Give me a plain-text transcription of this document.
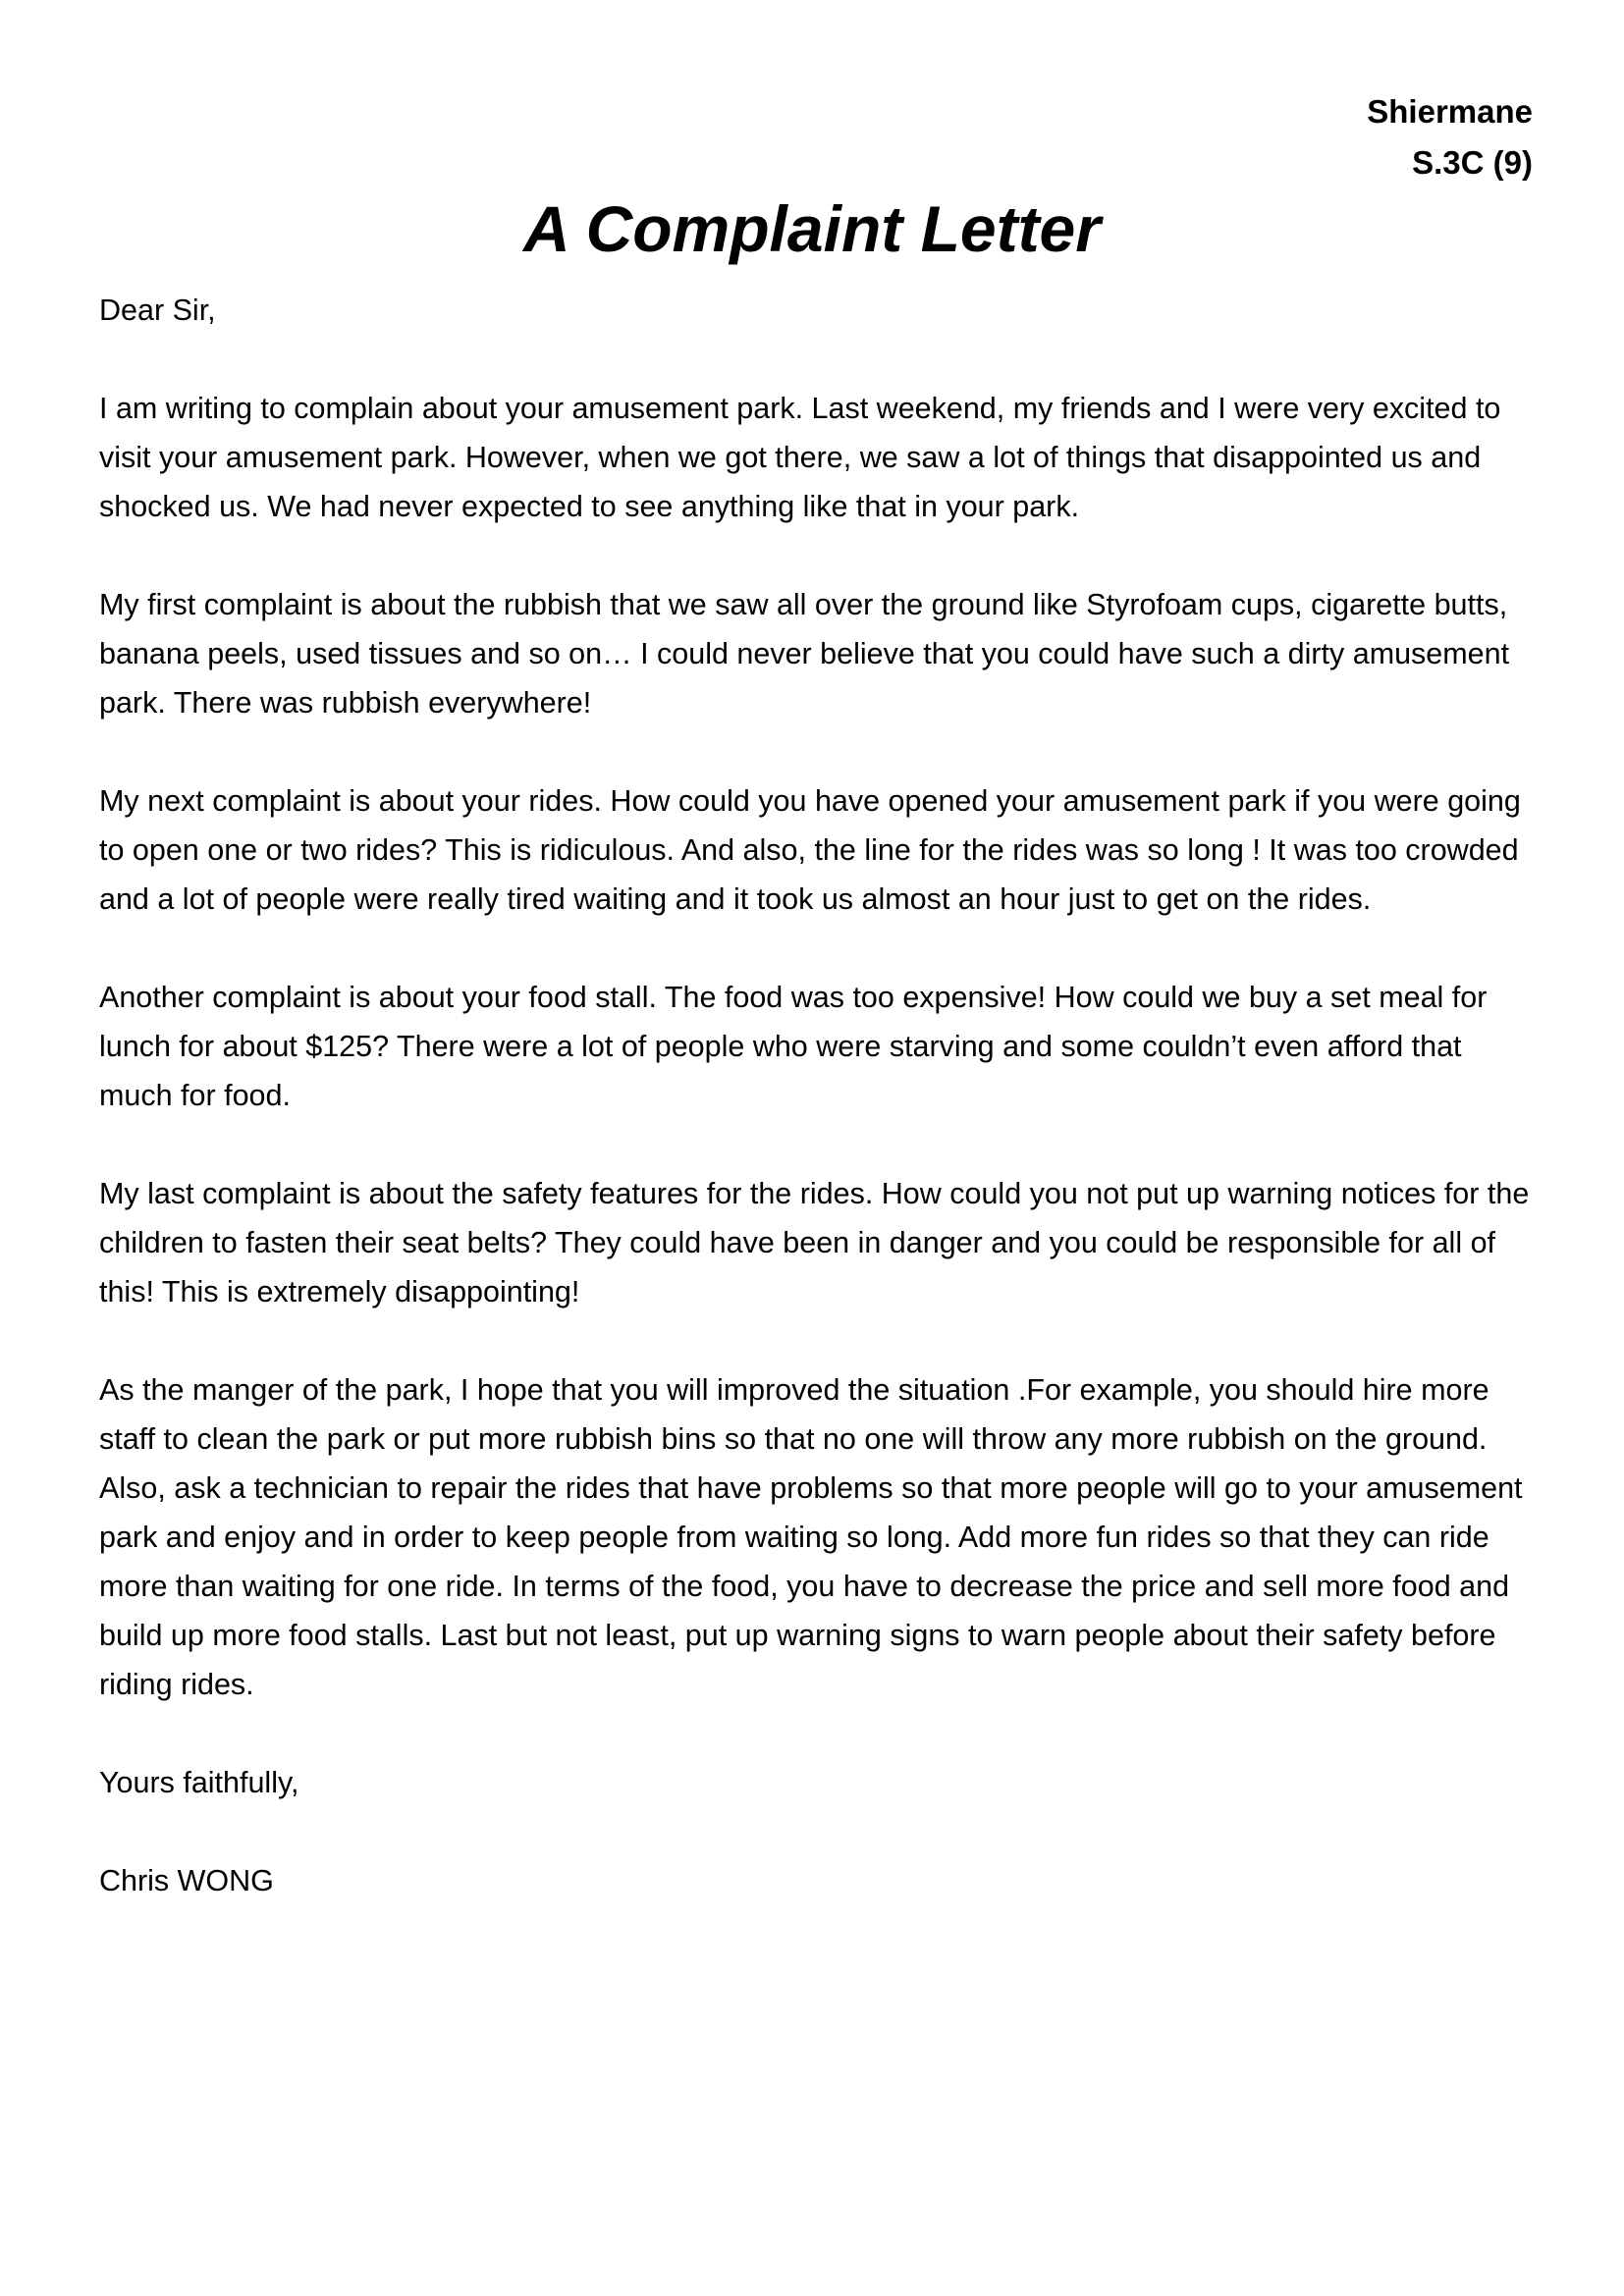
Shiermane
S.3C (9)
A Complaint Letter

Dear Sir,

I am writing to complain about your amusement park. Last weekend, my friends and I were very excited to visit your amusement park. However, when we got there, we saw a lot of things that disappointed us and shocked us. We had never expected to see anything like that in your park.

My first complaint is about the rubbish that we saw all over the ground like Styrofoam cups, cigarette butts, banana peels, used tissues and so on… I could never believe that you could have such a dirty amusement park. There was rubbish everywhere!

My next complaint is about your rides. How could you have opened your amusement park if you were going to open one or two rides? This is ridiculous. And also, the line for the rides was so long ! It was too crowded and a lot of people were really tired waiting and it took us almost an hour just to get on the rides.

Another complaint is about your food stall. The food was too expensive! How could we buy a set meal for lunch for about $125? There were a lot of people who were starving and some couldn’t even afford that much for food.

My last complaint is about the safety features for the rides. How could you not put up warning notices for the children to fasten their seat belts? They could have been in danger and you could be responsible for all of this! This is extremely disappointing!

As the manger of the park, I hope that you will improved the situation .For example, you should hire more staff to clean the park or put more rubbish bins so that no one will throw any more rubbish on the ground. Also, ask a technician to repair the rides that have problems so that more people will go to your amusement park and enjoy and in order to keep people from waiting so long. Add more fun rides so that they can ride more than waiting for one ride. In terms of the food, you have to decrease the price and sell more food and build up more food stalls. Last but not least, put up warning signs to warn people about their safety before riding rides.

Yours faithfully,

Chris WONG
